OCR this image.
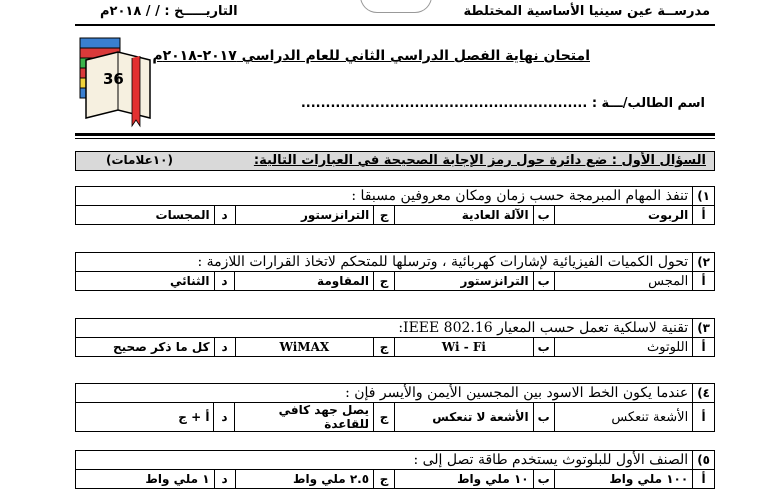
مدرســة عين سينيا الأساسية المختلطة
التاريـــــخ : / / ٢٠١٨م
36
امتحان نهاية الفصل الدراسي الثاني للعام الدراسي ٢٠١٧-٢٠١٨م
اسم الطالب/ـــة : ..........................................................
السؤال الأول : ضع دائرة حول رمز الإجابة الصحيحة في العبارات التالية:
(١٠علامات)
١)	تنفذ المهام المبرمجة حسب زمان ومكان معروفين مسبقا :						
أ	الربوت	ب	الآلة العادية	ج	الترانزستور	د	المجسات
٢)	تحول الكميات الفيزيائية لإشارات كهربائية ، وترسلها للمتحكم لاتخاذ القرارات اللازمة :						
أ	المجس	ب	الترانزستور	ج	المقاومة	د	الثنائي
٣)	تقنية لاسلكية تعمل حسب المعيار IEEE 802.16:						
أ	اللوتوث	ب	Wi - Fi	ج	WiMAX	د	كل ما ذكر صحيح
٤)	عندما يكون الخط الاسود بين المجسين الأيمن والأيسر فإن :						
أ	الأشعة تنعكس	ب	الأشعة لا تنعكس	ج	يصل جهد كافي للقاعدة	د	أ + ج
٥)	الصنف الأول للبلوتوث يستخدم طاقة تصل إلى :						
أ	١٠٠ ملي واط	ب	١٠ ملي واط	ج	٢.٥ ملي واط	د	١ ملي واط
